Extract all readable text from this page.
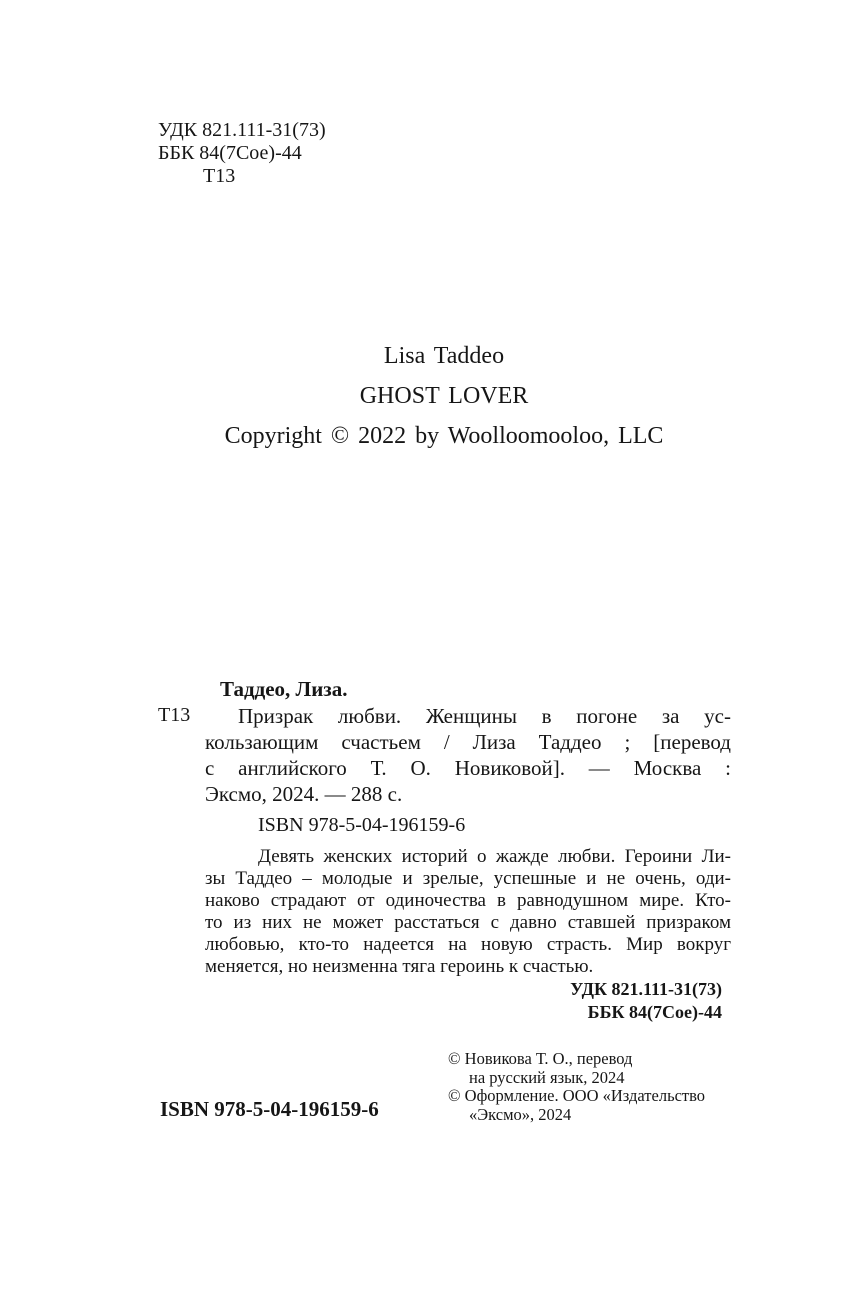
УДК 821.111-31(73)
ББК 84(7Сое)-44
Т13
Lisa Taddeo
GHOST LOVER
Copyright © 2022 by Woolloomooloo, LLC
Т13
Таддео, Лиза.
Призрак любви. Женщины в погоне за ус-
кользающим счастьем / Лиза Таддео ; [перевод
с английского Т. О. Новиковой]. — Москва :
Эксмо, 2024. — 288 с.
ISBN 978-5-04-196159-6
Девять женских историй о жажде любви. Героини Ли-
зы Таддео – молодые и зрелые, успешные и не очень, оди-
наково страдают от одиночества в равнодушном мире. Кто-
то из них не может расстаться с давно ставшей призраком
любовью, кто-то надеется на новую страсть. Мир вокруг
меняется, но неизменна тяга героинь к счастью.
УДК 821.111-31(73)
ББК 84(7Сое)-44
ISBN 978-5-04-196159-6
© Новикова Т. О., перевод
на русский язык, 2024
© Оформление. ООО «Издательство
«Эксмо», 2024
